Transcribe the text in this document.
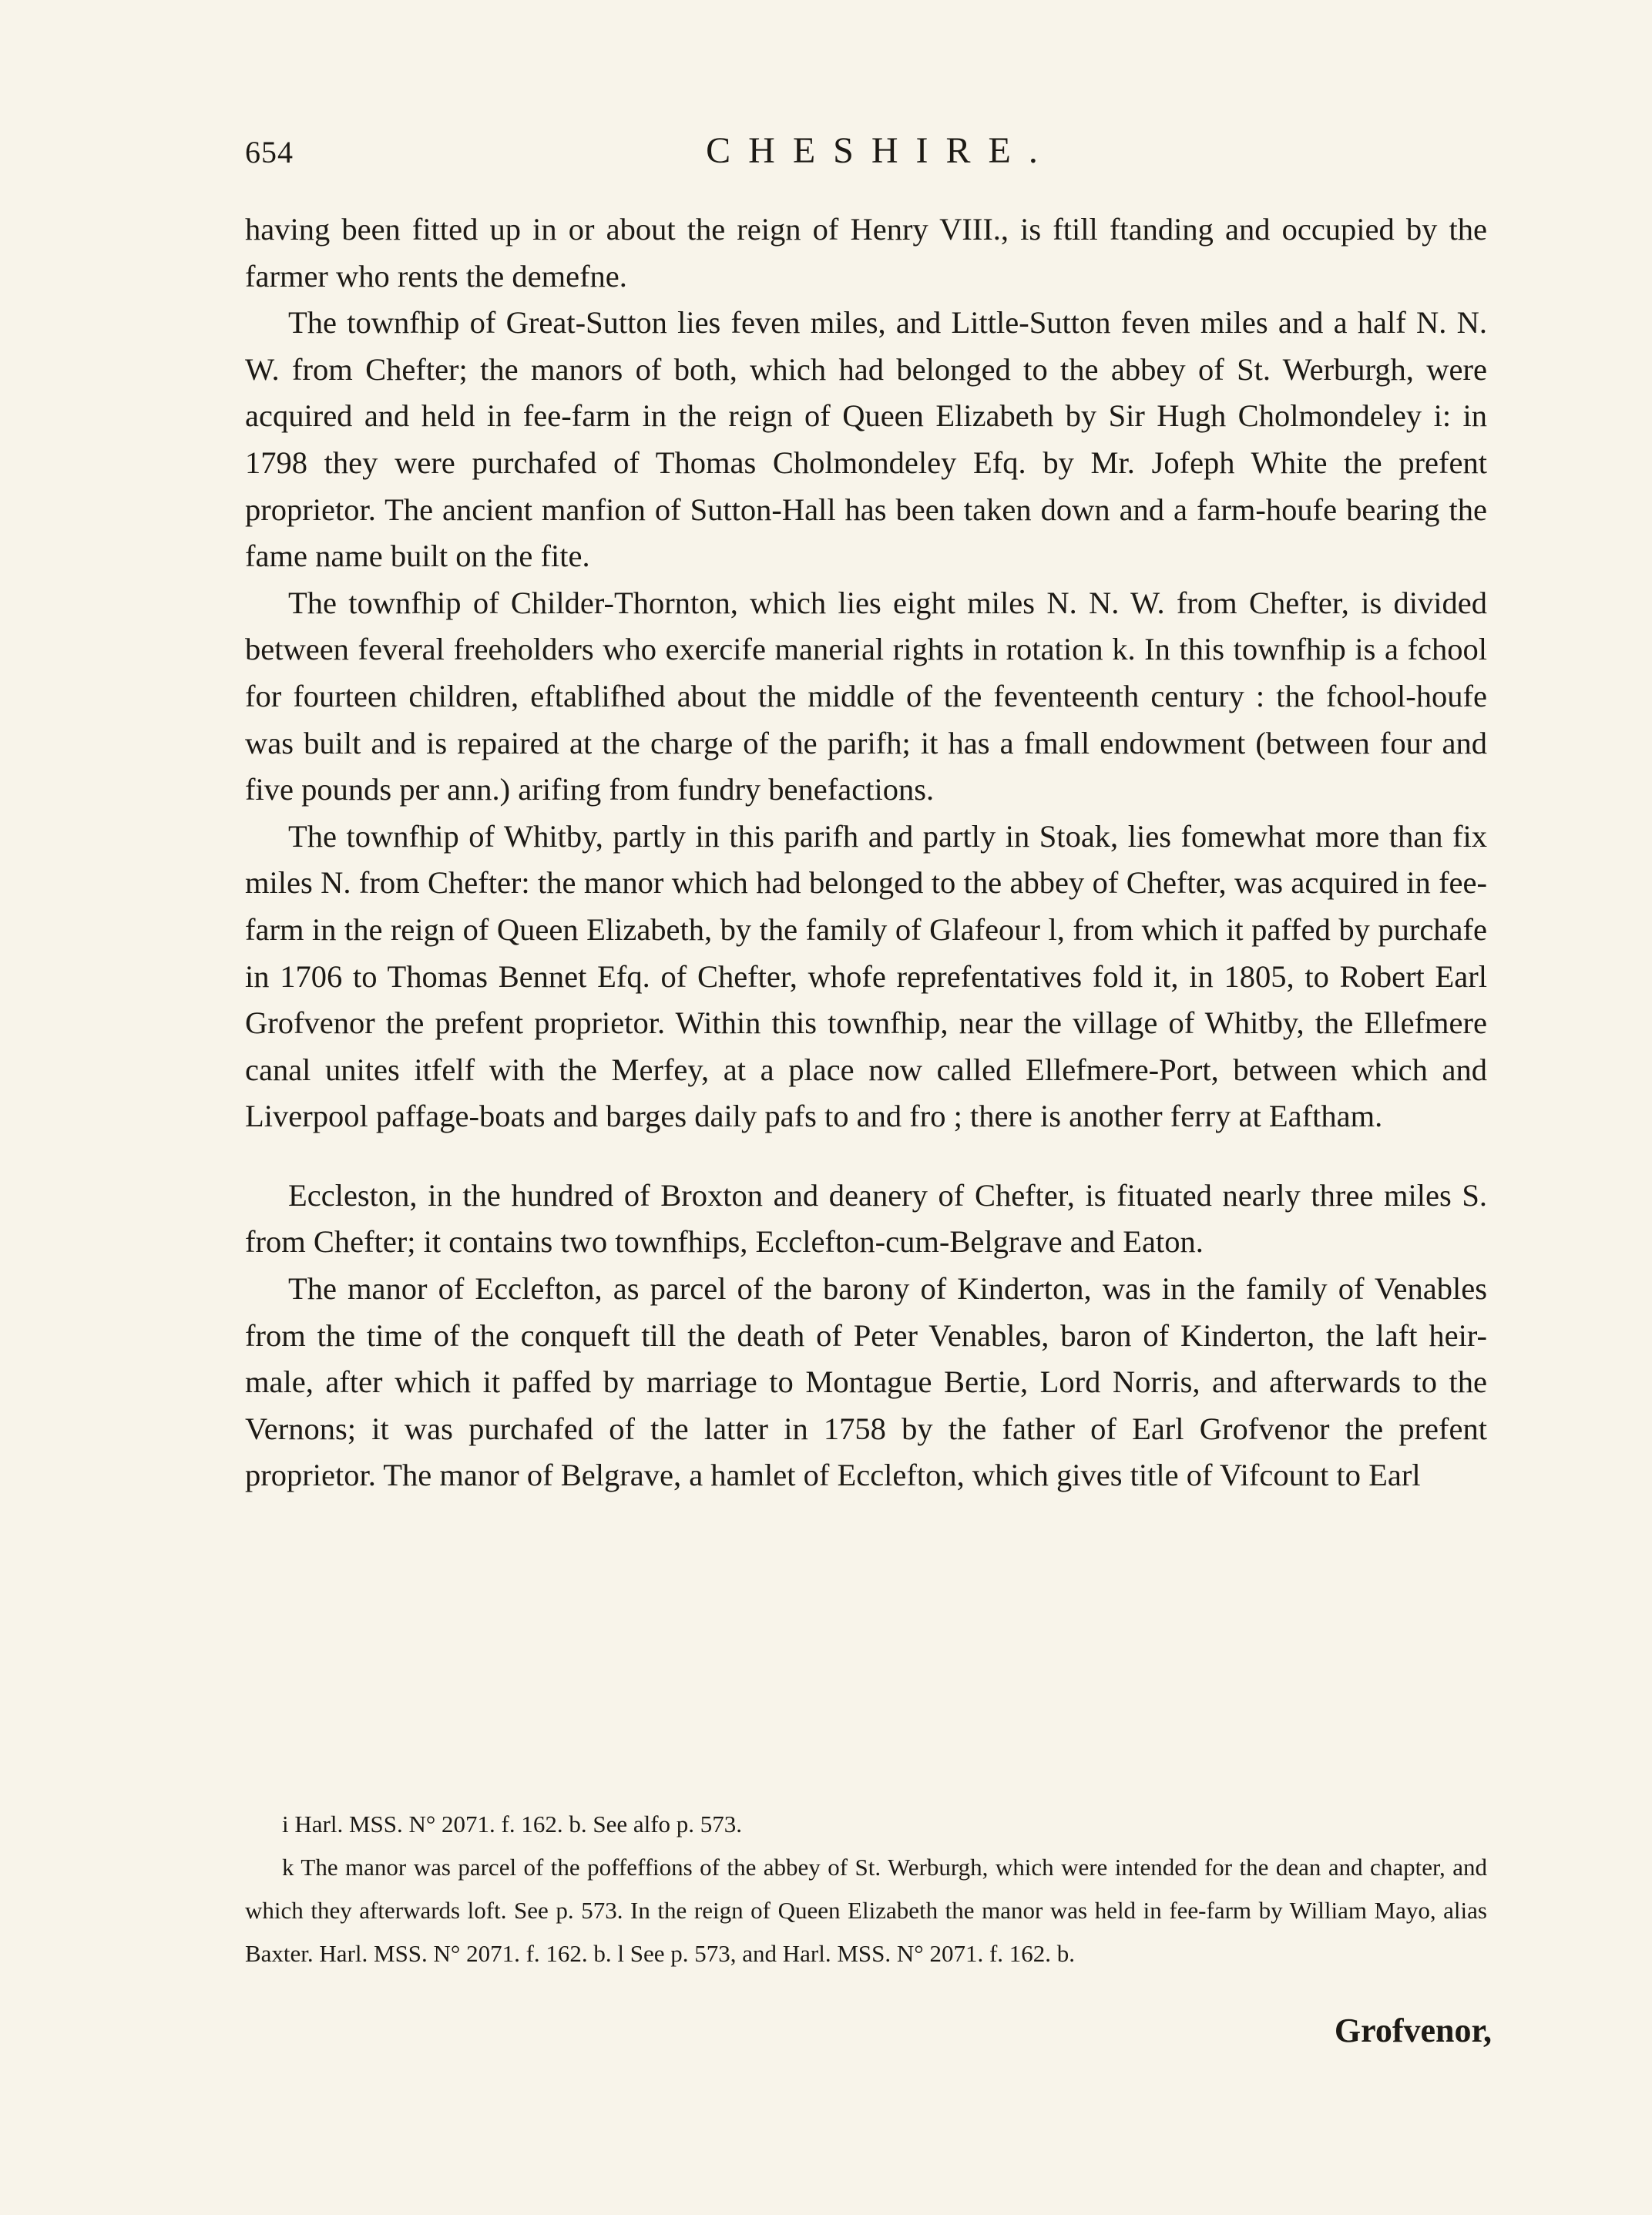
654	CHESHIRE.

having been fitted up in or about the reign of Henry VIII., is ftill ftanding and occupied by the farmer who rents the demefne.

The townfhip of Great-Sutton lies feven miles, and Little-Sutton feven miles and a half N. N. W. from Chefter; the manors of both, which had belonged to the abbey of St. Werburgh, were acquired and held in fee-farm in the reign of Queen Elizabeth by Sir Hugh Cholmondeley i: in 1798 they were purchafed of Thomas Cholmondeley Efq. by Mr. Jofeph White the prefent proprietor. The ancient manfion of Sutton-Hall has been taken down and a farm-houfe bearing the fame name built on the fite.

The townfhip of Childer-Thornton, which lies eight miles N. N. W. from Chefter, is divided between feveral freeholders who exercife manerial rights in rotation k. In this townfhip is a fchool for fourteen children, eftablifhed about the middle of the feventeenth century : the fchool-houfe was built and is repaired at the charge of the parifh; it has a fmall endowment (between four and five pounds per ann.) arifing from fundry benefactions.

The townfhip of Whitby, partly in this parifh and partly in Stoak, lies fomewhat more than fix miles N. from Chefter: the manor which had belonged to the abbey of Chefter, was acquired in fee-farm in the reign of Queen Elizabeth, by the family of Glafeour l, from which it paffed by purchafe in 1706 to Thomas Bennet Efq. of Chefter, whofe reprefentatives fold it, in 1805, to Robert Earl Grofvenor the prefent proprietor. Within this townfhip, near the village of Whitby, the Ellefmere canal unites itfelf with the Merfey, at a place now called Ellefmere-Port, between which and Liverpool paffage-boats and barges daily pafs to and fro ; there is another ferry at Eaftham.

Eccleston, in the hundred of Broxton and deanery of Chefter, is fituated nearly three miles S. from Chefter; it contains two townfhips, Ecclefton-cum-Belgrave and Eaton.

The manor of Ecclefton, as parcel of the barony of Kinderton, was in the family of Venables from the time of the conqueft till the death of Peter Venables, baron of Kinderton, the laft heir-male, after which it paffed by marriage to Montague Bertie, Lord Norris, and afterwards to the Vernons; it was purchafed of the latter in 1758 by the father of Earl Grofvenor the prefent proprietor. The manor of Belgrave, a hamlet of Ecclefton, which gives title of Vifcount to Earl

i Harl. MSS. N° 2071. f. 162. b. See alfo p. 573.

k The manor was parcel of the poffeffions of the abbey of St. Werburgh, which were intended for the dean and chapter, and which they afterwards loft. See p. 573. In the reign of Queen Elizabeth the manor was held in fee-farm by William Mayo, alias Baxter. Harl. MSS. N° 2071. f. 162. b. l See p. 573, and Harl. MSS. N° 2071. f. 162. b.

Grofvenor,
